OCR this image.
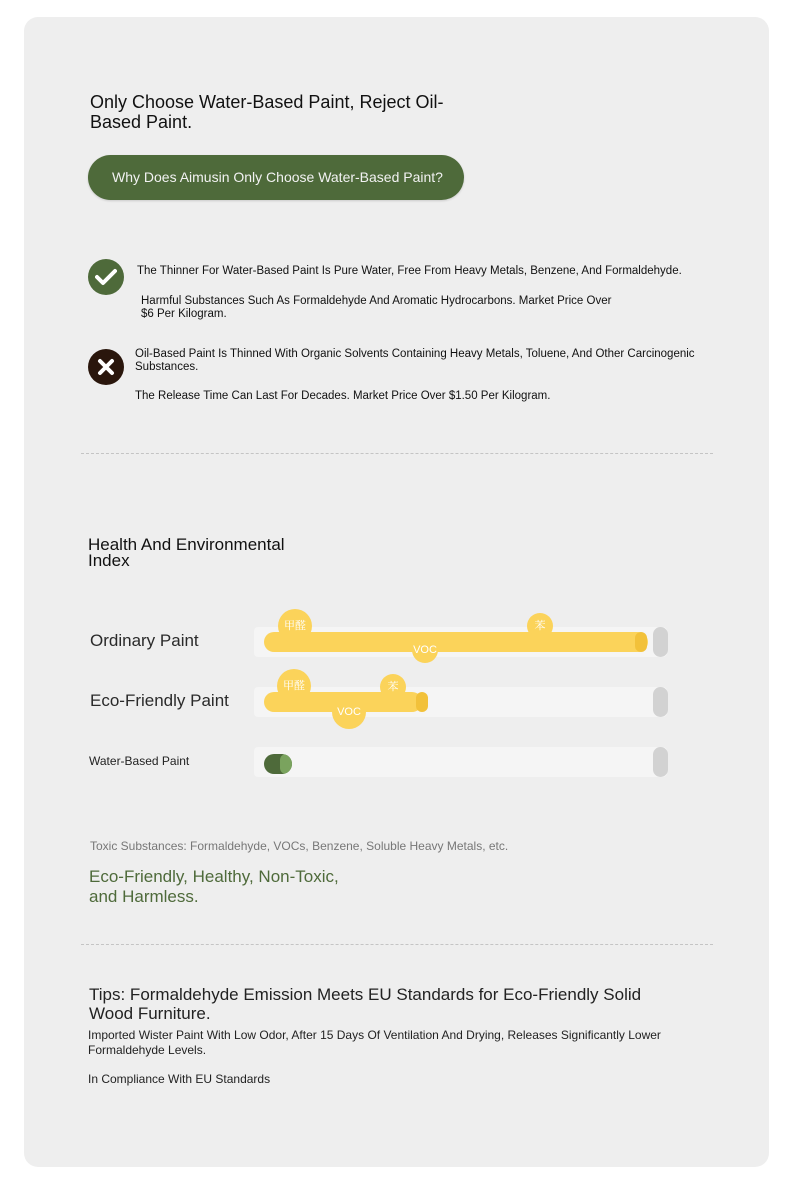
Only Choose Water-Based Paint, Reject Oil-Based Paint.
Why Does Aimusin Only Choose Water-Based Paint?
The Thinner For Water-Based Paint Is Pure Water, Free From Heavy Metals, Benzene, And Formaldehyde.
Harmful Substances Such As Formaldehyde And Aromatic Hydrocarbons. Market Price Over $6 Per Kilogram.
Oil-Based Paint Is Thinned With Organic Solvents Containing Heavy Metals, Toluene, And Other Carcinogenic Substances.
The Release Time Can Last For Decades. Market Price Over $1.50 Per Kilogram.
Health And Environmental Index
Ordinary Paint
甲醛
VOC
苯
Eco-Friendly Paint
甲醛
VOC
苯
Water-Based Paint
Toxic Substances: Formaldehyde, VOCs, Benzene, Soluble Heavy Metals, etc.
Eco-Friendly, Healthy, Non-Toxic, and Harmless.
Tips: Formaldehyde Emission Meets EU Standards for Eco-Friendly Solid Wood Furniture.
Imported Wister Paint With Low Odor, After 15 Days Of Ventilation And Drying, Releases Significantly Lower Formaldehyde Levels.
In Compliance With EU Standards
